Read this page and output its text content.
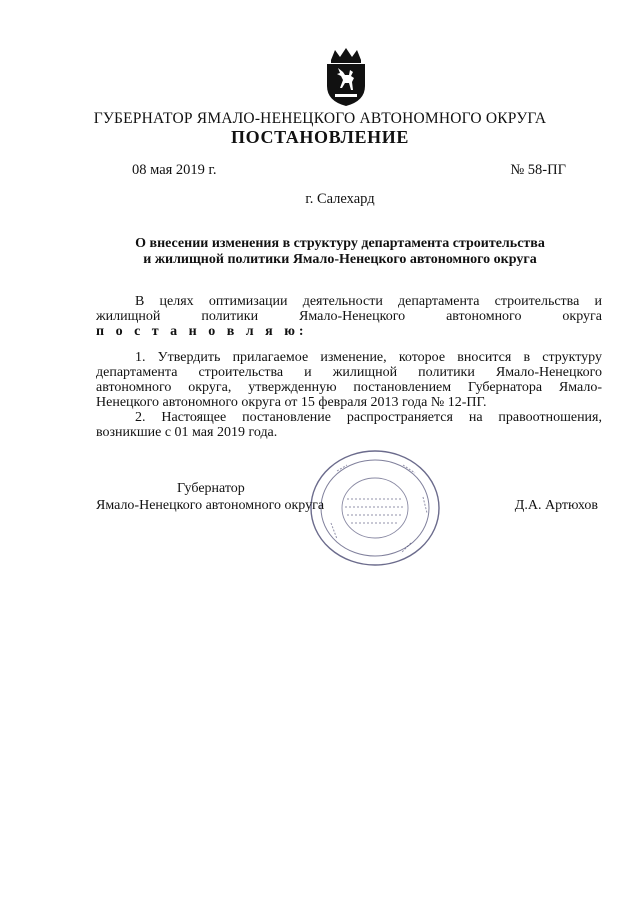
ГУБЕРНАТОР ЯМАЛО-НЕНЕЦКОГО АВТОНОМНОГО ОКРУГА
ПОСТАНОВЛЕНИЕ
08 мая 2019 г.	№ 58-ПГ
г. Салехард
О внесении изменения в структуру департамента строительства
и жилищной политики Ямало-Ненецкого автономного округа
В целях оптимизации деятельности департамента строительства и
жилищной политики Ямало-Ненецкого автономного округа
п о с т а н о в л я ю:
1. Утвердить прилагаемое изменение, которое вносится в структуру
департамента строительства и жилищной политики Ямало-Ненецкого
автономного округа, утвержденную постановлением Губернатора Ямало-
Ненецкого автономного округа от 15 февраля 2013 года № 12-ПГ.
2. Настоящее постановление распространяется на правоотношения,
возникшие с 01 мая 2019 года.
Губернатор
Ямало-Ненецкого автономного округа	Д.А. Артюхов
